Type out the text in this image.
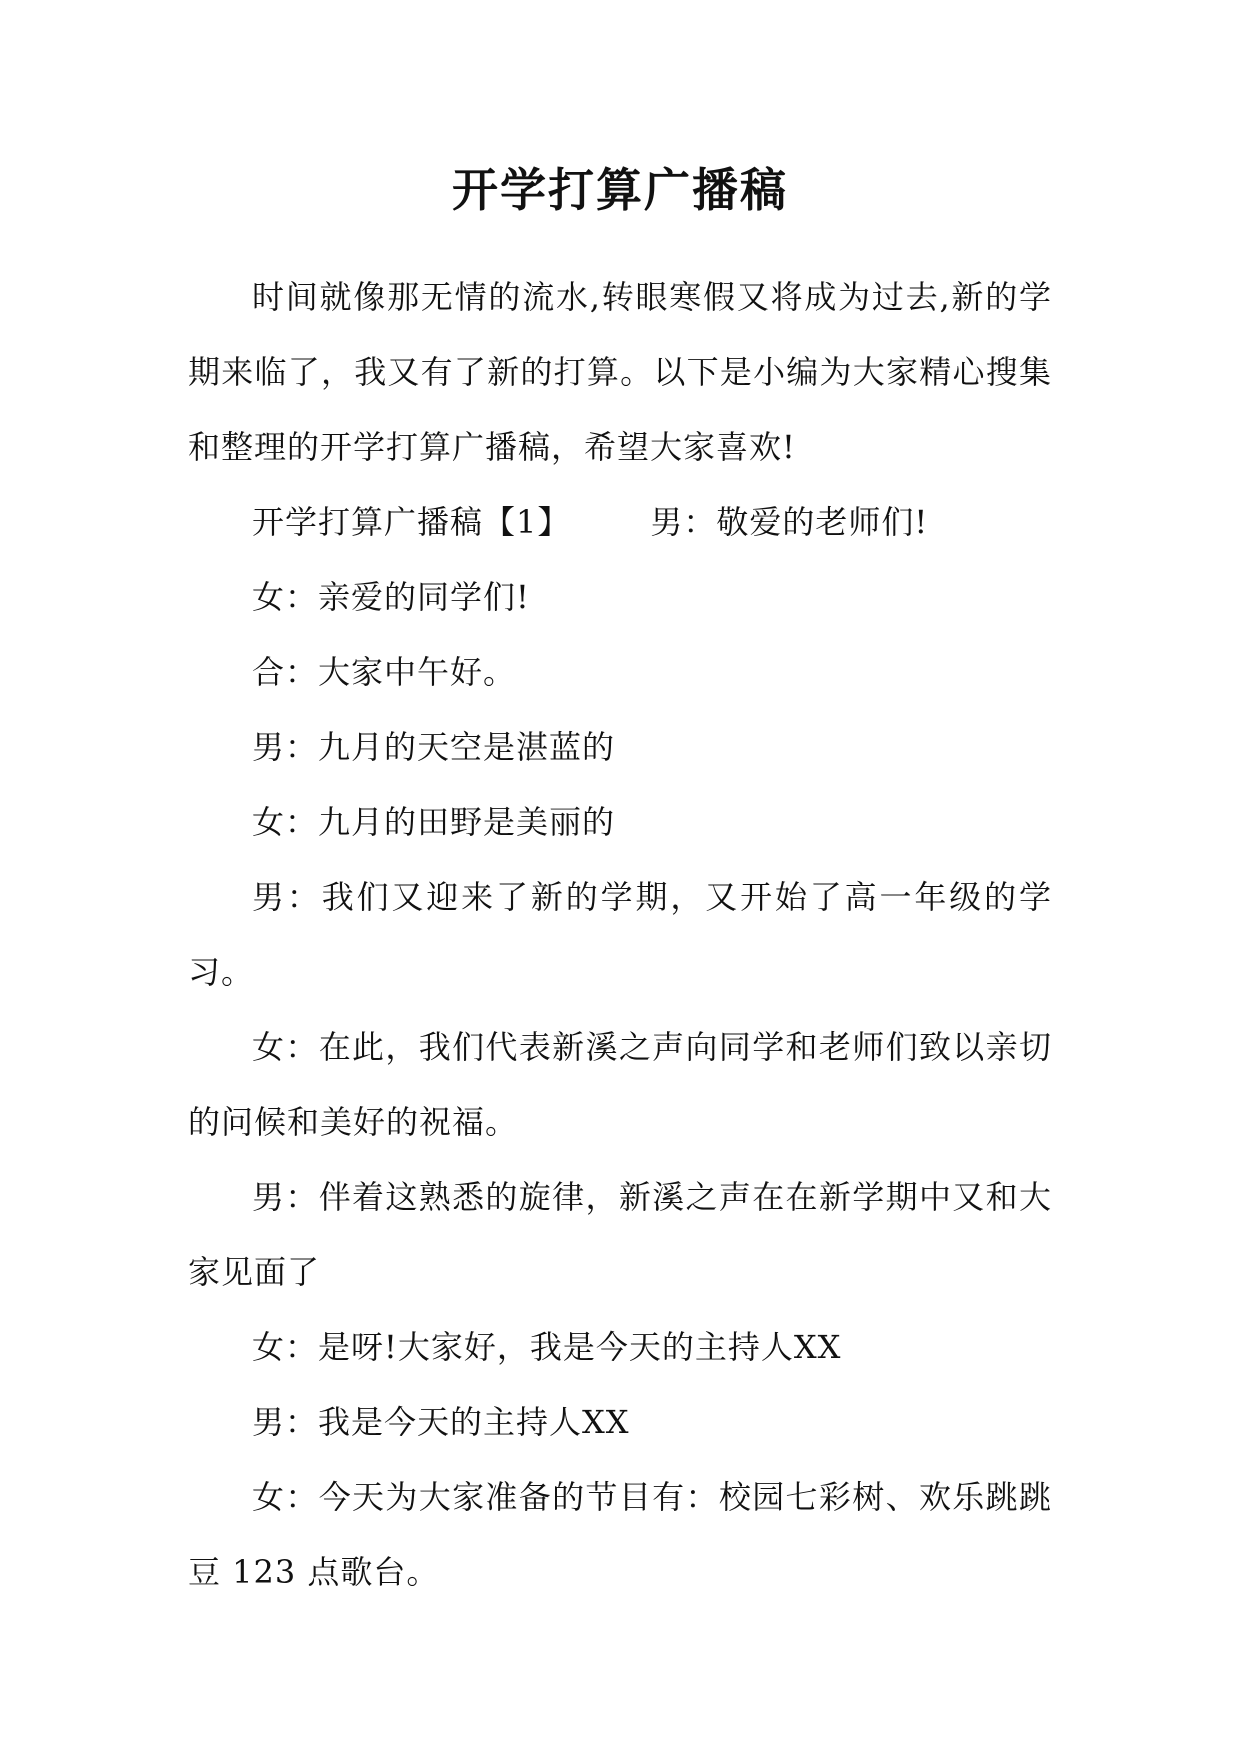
开学打算广播稿

时间就像那无情的流水,转眼寒假又将成为过去,新的学期来临了，我又有了新的打算。以下是小编为大家精心搜集和整理的开学打算广播稿，希望大家喜欢!

开学打算广播稿【1】	男：敬爱的老师们!

女：亲爱的同学们!

合：大家中午好。

男：九月的天空是湛蓝的

女：九月的田野是美丽的

男：我们又迎来了新的学期，又开始了高一年级的学习。

女：在此，我们代表新溪之声向同学和老师们致以亲切的问候和美好的祝福。

男：伴着这熟悉的旋律，新溪之声在在新学期中又和大家见面了

女：是呀!大家好，我是今天的主持人XX

男：我是今天的主持人XX

女：今天为大家准备的节目有：校园七彩树、欢乐跳跳豆 123 点歌台。
